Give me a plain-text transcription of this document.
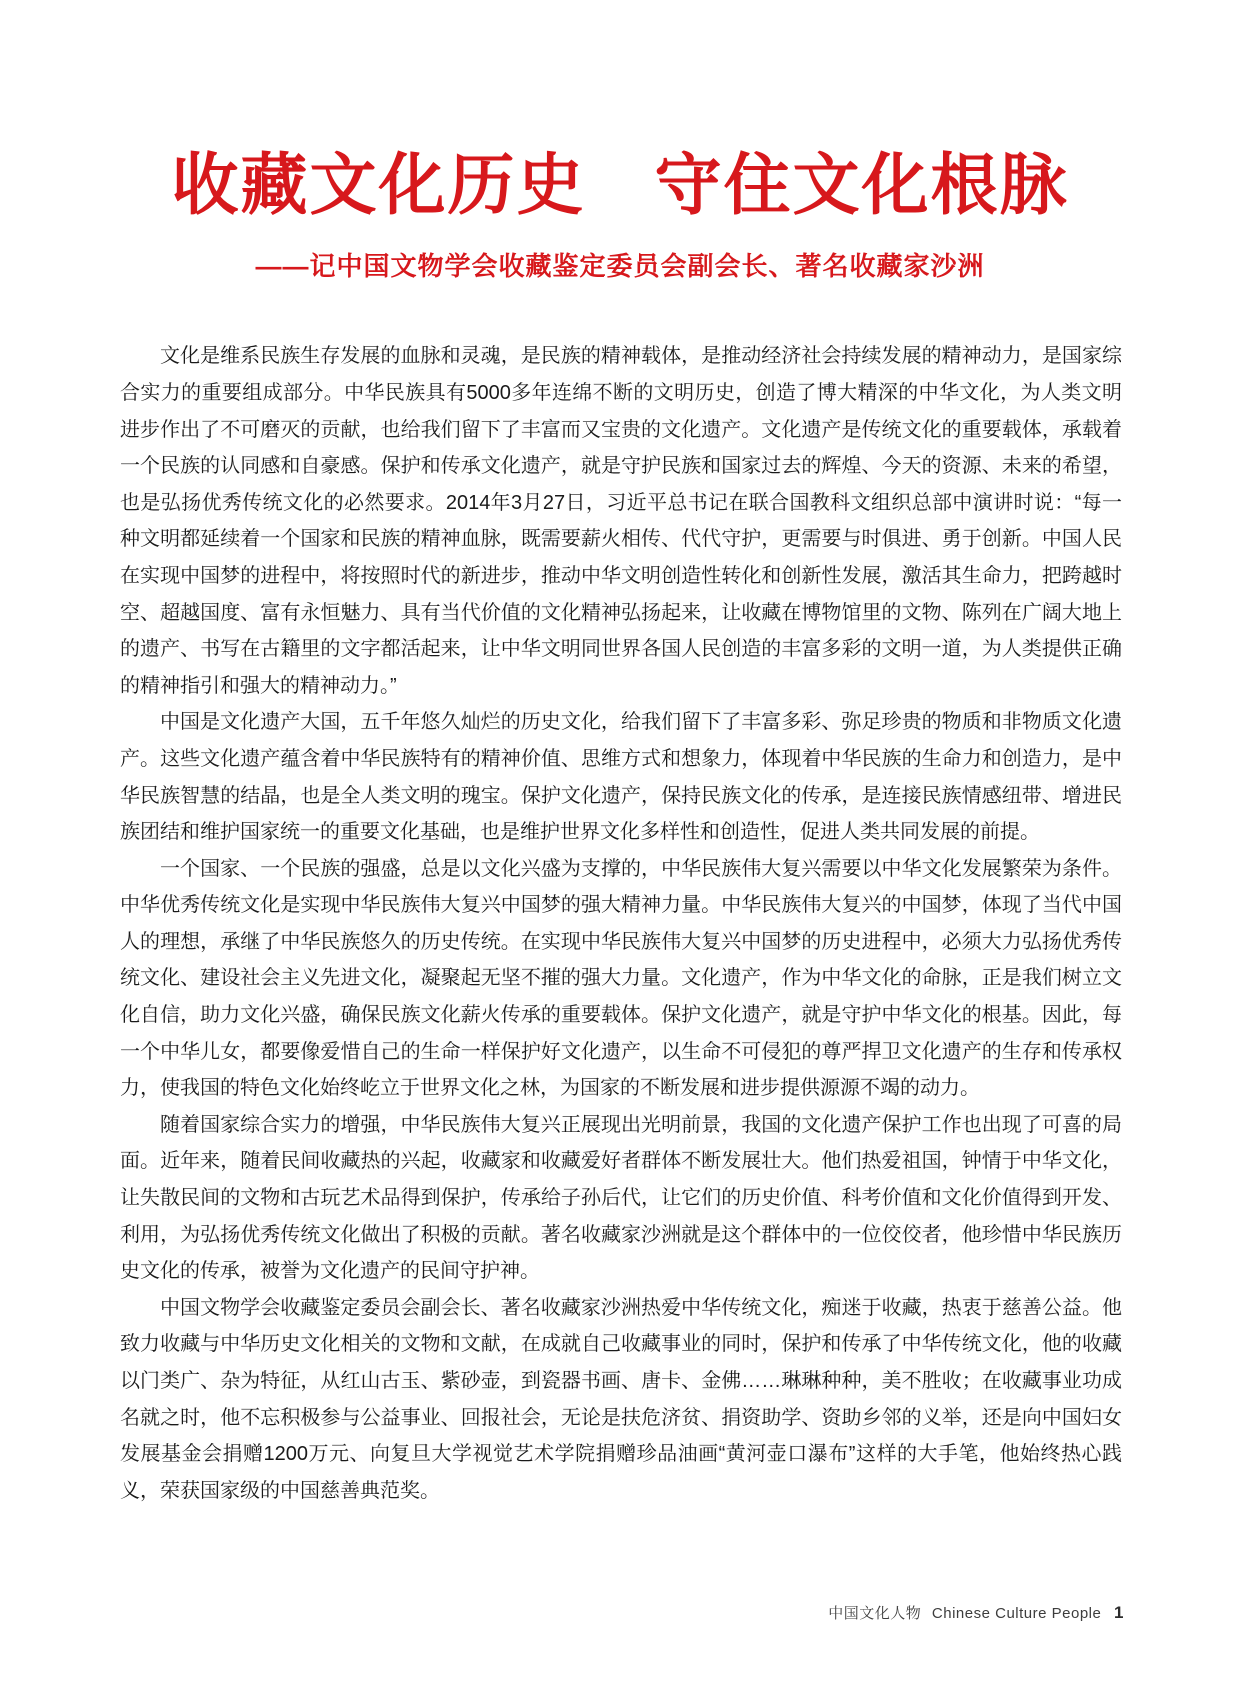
收藏文化历史　守住文化根脉
——记中国文物学会收藏鉴定委员会副会长、著名收藏家沙洲

文化是维系民族生存发展的血脉和灵魂，是民族的精神载体，是推动经济社会持续发展的精神动力，是国家综合实力的重要组成部分。中华民族具有5000多年连绵不断的文明历史，创造了博大精深的中华文化，为人类文明进步作出了不可磨灭的贡献，也给我们留下了丰富而又宝贵的文化遗产。文化遗产是传统文化的重要载体，承载着一个民族的认同感和自豪感。保护和传承文化遗产，就是守护民族和国家过去的辉煌、今天的资源、未来的希望，也是弘扬优秀传统文化的必然要求。2014年3月27日，习近平总书记在联合国教科文组织总部中演讲时说：“每一种文明都延续着一个国家和民族的精神血脉，既需要薪火相传、代代守护，更需要与时俱进、勇于创新。中国人民在实现中国梦的进程中，将按照时代的新进步，推动中华文明创造性转化和创新性发展，激活其生命力，把跨越时空、超越国度、富有永恒魅力、具有当代价值的文化精神弘扬起来，让收藏在博物馆里的文物、陈列在广阔大地上的遗产、书写在古籍里的文字都活起来，让中华文明同世界各国人民创造的丰富多彩的文明一道，为人类提供正确的精神指引和强大的精神动力。”

中国是文化遗产大国，五千年悠久灿烂的历史文化，给我们留下了丰富多彩、弥足珍贵的物质和非物质文化遗产。这些文化遗产蕴含着中华民族特有的精神价值、思维方式和想象力，体现着中华民族的生命力和创造力，是中华民族智慧的结晶，也是全人类文明的瑰宝。保护文化遗产，保持民族文化的传承，是连接民族情感纽带、增进民族团结和维护国家统一的重要文化基础，也是维护世界文化多样性和创造性，促进人类共同发展的前提。

一个国家、一个民族的强盛，总是以文化兴盛为支撑的，中华民族伟大复兴需要以中华文化发展繁荣为条件。中华优秀传统文化是实现中华民族伟大复兴中国梦的强大精神力量。中华民族伟大复兴的中国梦，体现了当代中国人的理想，承继了中华民族悠久的历史传统。在实现中华民族伟大复兴中国梦的历史进程中，必须大力弘扬优秀传统文化、建设社会主义先进文化，凝聚起无坚不摧的强大力量。文化遗产，作为中华文化的命脉，正是我们树立文化自信，助力文化兴盛，确保民族文化薪火传承的重要载体。保护文化遗产，就是守护中华文化的根基。因此，每一个中华儿女，都要像爱惜自己的生命一样保护好文化遗产，以生命不可侵犯的尊严捍卫文化遗产的生存和传承权力，使我国的特色文化始终屹立于世界文化之林，为国家的不断发展和进步提供源源不竭的动力。

随着国家综合实力的增强，中华民族伟大复兴正展现出光明前景，我国的文化遗产保护工作也出现了可喜的局面。近年来，随着民间收藏热的兴起，收藏家和收藏爱好者群体不断发展壮大。他们热爱祖国，钟情于中华文化，让失散民间的文物和古玩艺术品得到保护，传承给子孙后代，让它们的历史价值、科考价值和文化价值得到开发、利用，为弘扬优秀传统文化做出了积极的贡献。著名收藏家沙洲就是这个群体中的一位佼佼者，他珍惜中华民族历史文化的传承，被誉为文化遗产的民间守护神。

中国文物学会收藏鉴定委员会副会长、著名收藏家沙洲热爱中华传统文化，痴迷于收藏，热衷于慈善公益。他致力收藏与中华历史文化相关的文物和文献，在成就自己收藏事业的同时，保护和传承了中华传统文化，他的收藏以门类广、杂为特征，从红山古玉、紫砂壶，到瓷器书画、唐卡、金佛……琳琳种种，美不胜收；在收藏事业功成名就之时，他不忘积极参与公益事业、回报社会，无论是扶危济贫、捐资助学、资助乡邻的义举，还是向中国妇女发展基金会捐赠1200万元、向复旦大学视觉艺术学院捐赠珍品油画“黄河壶口瀑布”这样的大手笔，他始终热心践义，荣获国家级的中国慈善典范奖。

中国文化人物 Chinese Culture People 1
